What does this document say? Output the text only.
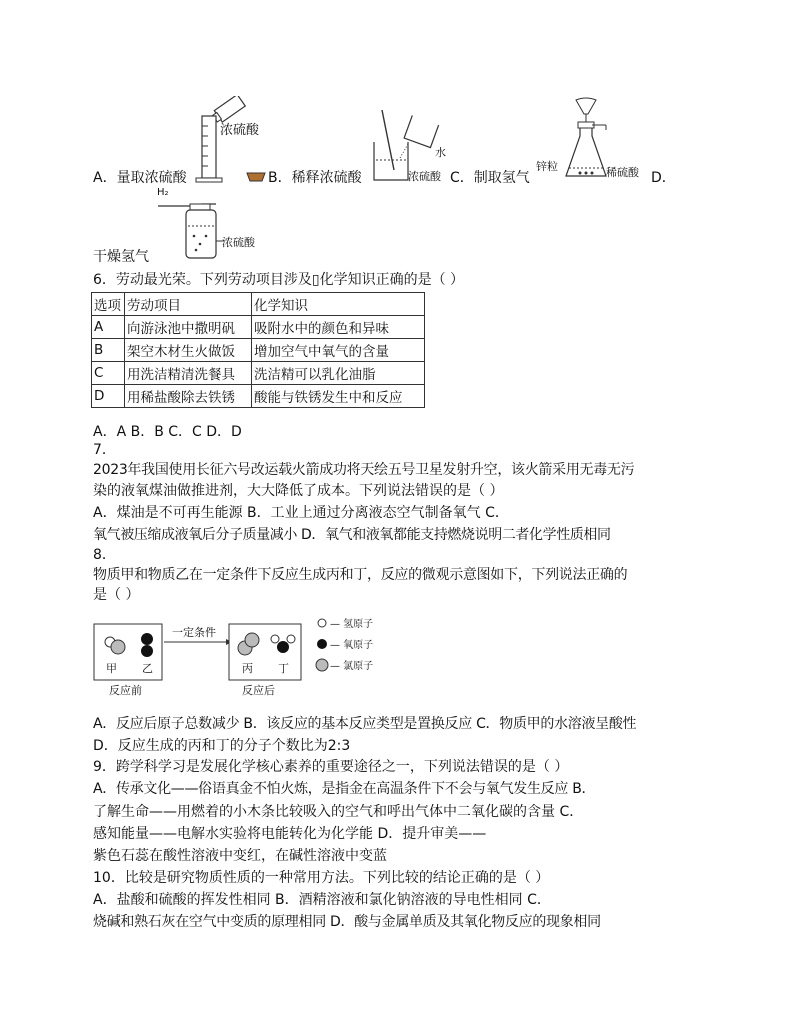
浓硫酸
A．量取浓硫酸	B．稀释浓硫酸
水
浓硫酸 C．制取氢气
锌粒	稀硫酸 D．
H₂
浓硫酸
干燥氢气
6．劳动最光荣。下列劳动项目涉及▯化学知识正确的是（ ）
选项	劳动项目	化学知识
A	向游泳池中撒明矾	吸附水中的颜色和异味
B	架空木材生火做饭	增加空气中氧气的含量
C	用洗洁精清洗餐具	洗洁精可以乳化油脂
D	用稀盐酸除去铁锈	酸能与铁锈发生中和反应
A．A B．B C．C D．D
7．
2023年我国使用长征六号改运载火箭成功将天绘五号卫星发射升空，该火箭采用无毒无污
染的液氧煤油做推进剂，大大降低了成本。下列说法错误的是（ ）
A．煤油是不可再生能源 B．工业上通过分离液态空气制备氧气 C．
氧气被压缩成液氧后分子质量减小 D．氧气和液氧都能支持燃烧说明二者化学性质相同
8．
物质甲和物质乙在一定条件下反应生成丙和丁，反应的微观示意图如下，下列说法正确的
是（ ）
甲 乙
一定条件
丙 丁
反应前	反应后
— 氢原子
— 氧原子
— 氯原子
A．反应后原子总数减少 B．该反应的基本反应类型是置换反应 C．物质甲的水溶液呈酸性
D．反应生成的丙和丁的分子个数比为2:3
9．跨学科学习是发展化学核心素养的重要途径之一，下列说法错误的是（ ）
A．传承文化——俗语真金不怕火炼，是指金在高温条件下不会与氧气发生反应 B．
了解生命——用燃着的小木条比较吸入的空气和呼出气体中二氧化碳的含量 C．
感知能量——电解水实验将电能转化为化学能 D．提升审美——
紫色石蕊在酸性溶液中变红，在碱性溶液中变蓝
10．比较是研究物质性质的一种常用方法。下列比较的结论正确的是（ ）
A．盐酸和硫酸的挥发性相同 B．酒精溶液和氯化钠溶液的导电性相同 C．
烧碱和熟石灰在空气中变质的原理相同 D．酸与金属单质及其氧化物反应的现象相同
